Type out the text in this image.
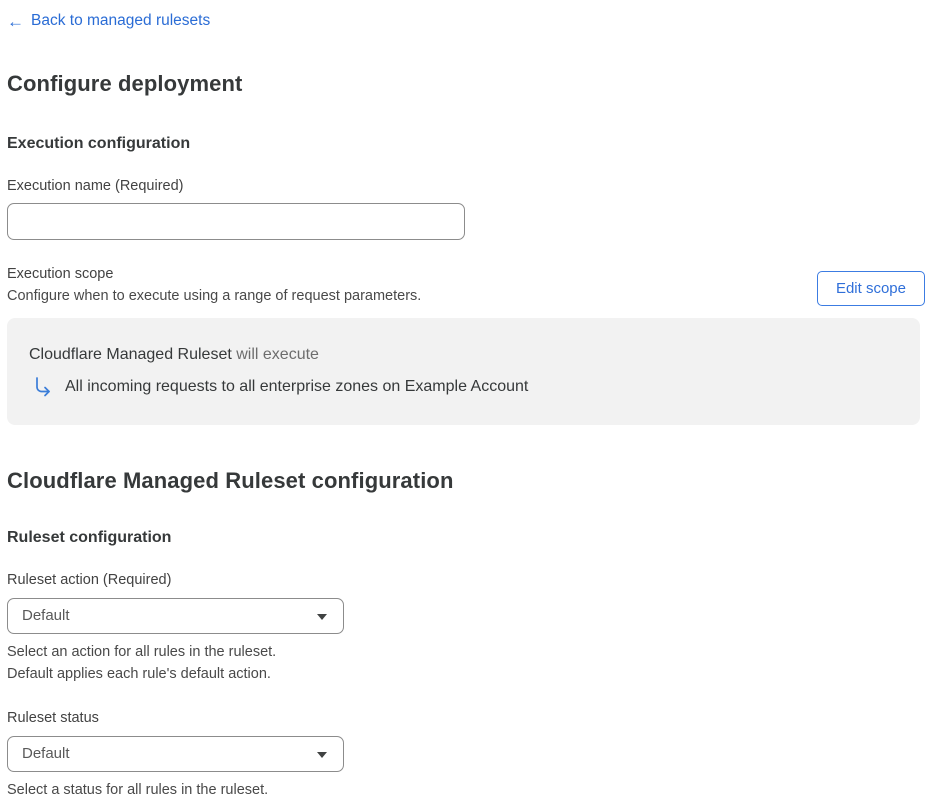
← Back to managed rulesets
Configure deployment
Execution configuration
Execution name (Required)
Execution scope
Configure when to execute using a range of request parameters.	Edit scope
Cloudflare Managed Ruleset will execute
All incoming requests to all enterprise zones on Example Account
Cloudflare Managed Ruleset configuration
Ruleset configuration
Ruleset action (Required)
Default
Select an action for all rules in the ruleset.
Default applies each rule's default action.
Ruleset status
Default
Select a status for all rules in the ruleset.
